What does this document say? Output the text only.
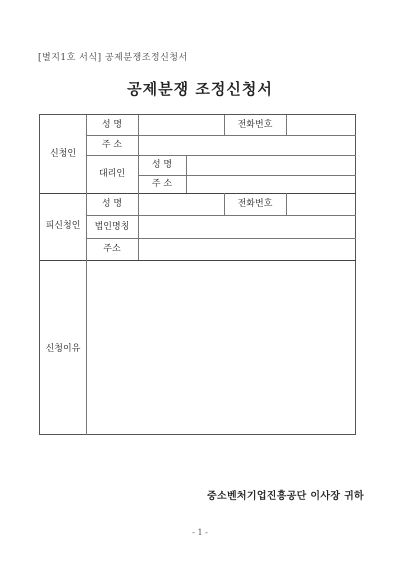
[별지1호 서식] 공제분쟁조정신청서
공제분쟁 조정신청서
신청인
성 명	전화번호
주 소
대리인
성 명
주 소
피신청인
성 명	전화번호
법인명칭
주소
신청이유
중소벤처기업진흥공단 이사장 귀하
- 1 -
